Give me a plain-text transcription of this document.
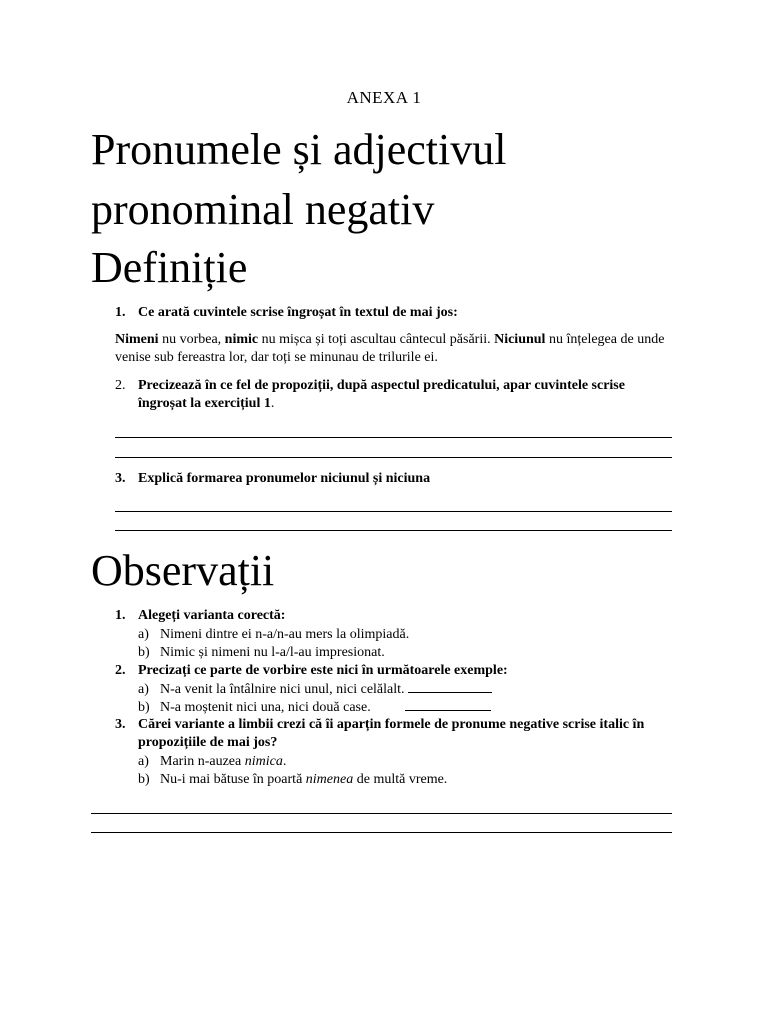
ANEXA 1
Pronumele și adjectivul
pronominal negativ
Definiție
1. Ce arată cuvintele scrise îngroșat în textul de mai jos:
Nimeni nu vorbea, nimic nu mișca și toți ascultau cântecul păsării. Niciunul nu înțelegea de unde venise sub fereastra lor, dar toți se minunau de trilurile ei.
2. Precizează în ce fel de propoziții, după aspectul predicatului, apar cuvintele scrise îngroșat la exercițiul 1.
3. Explică formarea pronumelor niciunul și niciuna
Observații
1. Alegeți varianta corectă:
a) Nimeni dintre ei n-a/n-au mers la olimpiadă.
b) Nimic și nimeni nu l-a/l-au impresionat.
2. Precizați ce parte de vorbire este nici în următoarele exemple:
a) N-a venit la întâlnire nici unul, nici celălalt.
b) N-a moștenit nici una, nici două case.
3. Cărei variante a limbii crezi că îi aparțin formele de pronume negative scrise italic în propozițiile de mai jos?
a) Marin n-auzea nimica.
b) Nu-i mai bătuse în poartă nimenea de multă vreme.
